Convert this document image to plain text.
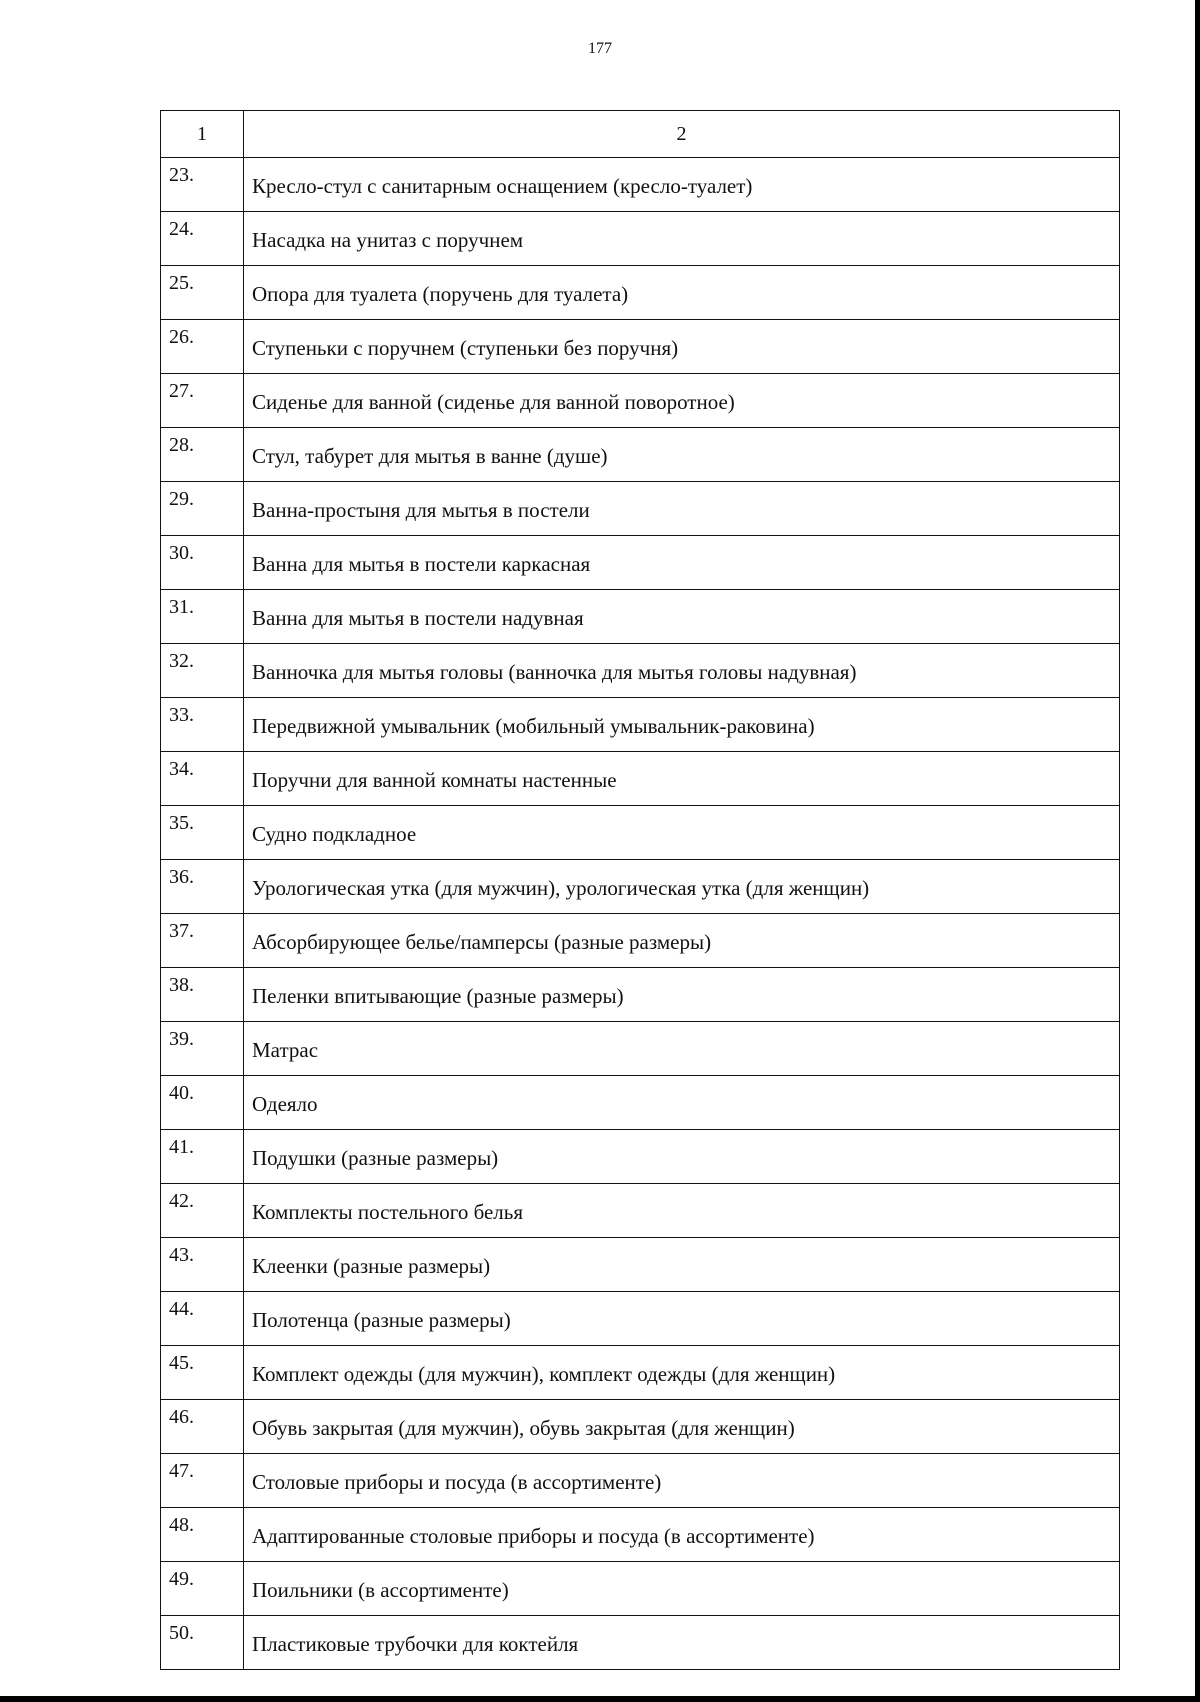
177
1	2
23.	Кресло-стул с санитарным оснащением (кресло-туалет)
24.	Насадка на унитаз с поручнем
25.	Опора для туалета (поручень для туалета)
26.	Ступеньки с поручнем (ступеньки без поручня)
27.	Сиденье для ванной (сиденье для ванной поворотное)
28.	Стул, табурет для мытья в ванне (душе)
29.	Ванна-простыня для мытья в постели
30.	Ванна для мытья в постели каркасная
31.	Ванна для мытья в постели надувная
32.	Ванночка для мытья головы (ванночка для мытья головы надувная)
33.	Передвижной умывальник (мобильный умывальник-раковина)
34.	Поручни для ванной комнаты настенные
35.	Судно подкладное
36.	Урологическая утка (для мужчин), урологическая утка (для женщин)
37.	Абсорбирующее белье/памперсы (разные размеры)
38.	Пеленки впитывающие (разные размеры)
39.	Матрас
40.	Одеяло
41.	Подушки (разные размеры)
42.	Комплекты постельного белья
43.	Клеенки (разные размеры)
44.	Полотенца (разные размеры)
45.	Комплект одежды (для мужчин), комплект одежды (для женщин)
46.	Обувь закрытая (для мужчин), обувь закрытая (для женщин)
47.	Столовые приборы и посуда (в ассортименте)
48.	Адаптированные столовые приборы и посуда (в ассортименте)
49.	Поильники (в ассортименте)
50.	Пластиковые трубочки для коктейля
